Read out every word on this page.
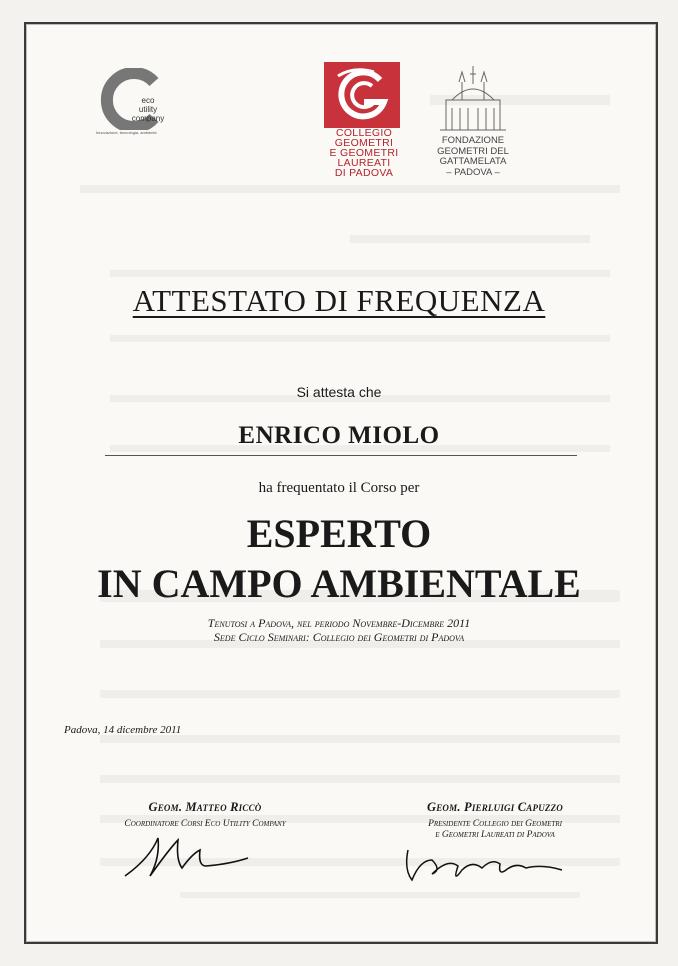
eco
utility
company
Innovazione, tecnologia, ambiente	COLLEGIO
GEOMETRI
E GEOMETRI
LAUREATI
DI PADOVA
FONDAZIONE
GEOMETRI DEL
GATTAMELATA
– PADOVA –
ATTESTATO DI FREQUENZA
Si attesta che
ENRICO MIOLO
ha frequentato il Corso per
ESPERTO
IN CAMPO AMBIENTALE
Tenutosi a Padova, nel periodo Novembre-Dicembre 2011
Sede Ciclo Seminari: Collegio dei Geometri di Padova
Padova, 14 dicembre 2011
Geom. Matteo Riccò
Coordinatore Corsi Eco Utility Company
Geom. Pierluigi Capuzzo
Presidente Collegio dei Geometri
e Geometri Laureati di Padova
